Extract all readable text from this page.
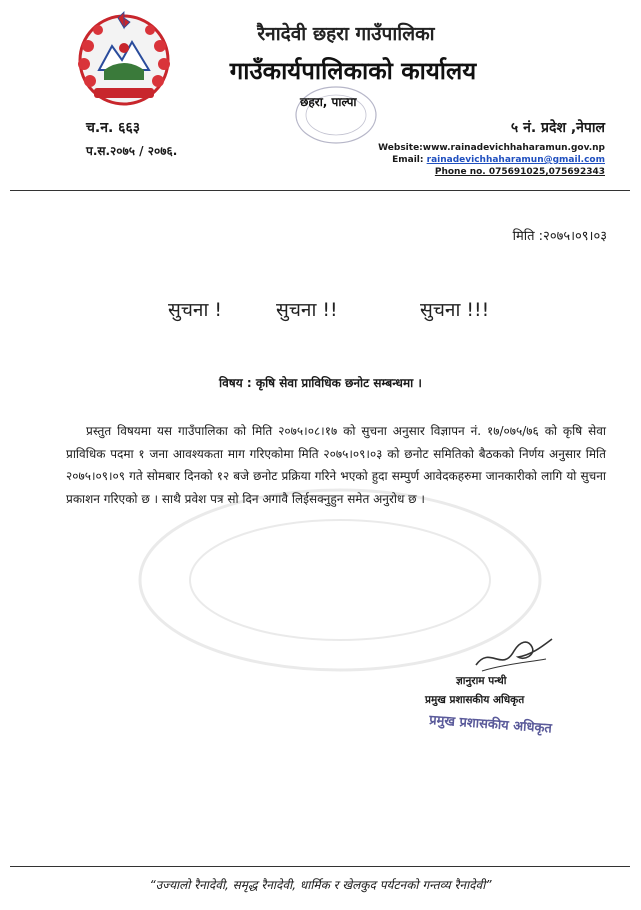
रैनादेवी छहरा गाउँपालिका
गाउँकार्यपालिकाको कार्यालय
छहरा, पाल्पा
च.न. ६६३
प.स.२०७५ / २०७६.
५ नं. प्रदेश ,नेपाल
Website:www.rainadevichhaharamun.gov.np
Email: rainadevichhaharamun@gmail.com
Phone no. 075691025,075692343
मिति :२०७५।०९।०३
सुचना !	सुचना !!	सुचना !!!
विषय : कृषि सेवा प्राविधिक छनोट सम्बन्धमा ।
प्रस्तुत विषयमा यस गाउँपालिका को मिति २०७५।०८।१७ को सुचना अनुसार विज्ञापन नं. १७/०७५/७६ को कृषि सेवा प्राविधिक पदमा १ जना आवश्यकता माग गरिएकोमा मिति २०७५।०९।०३ को छनोट समितिको बैठकको निर्णय अनुसार मिति २०७५।०९।०९ गते सोमबार दिनको १२ बजे छनोट प्रक्रिया गरिने भएको हुदा सम्पुर्ण आवेदकहरुमा जानकारीको लागि यो सुचना प्रकाशन गरिएको छ । साथै प्रवेश पत्र सो दिन अगावै लिईसक्नुहुन समेत अनुरोध छ ।
ज्ञानुराम पन्थी
प्रमुख प्रशासकीय अधिकृत
प्रमुख प्रशासकीय अधिकृत
“उज्यालो रैनादेवी, समृद्ध रैनादेवी, धार्मिक र खेलकुद पर्यटनको गन्तव्य रैनादेवी”
